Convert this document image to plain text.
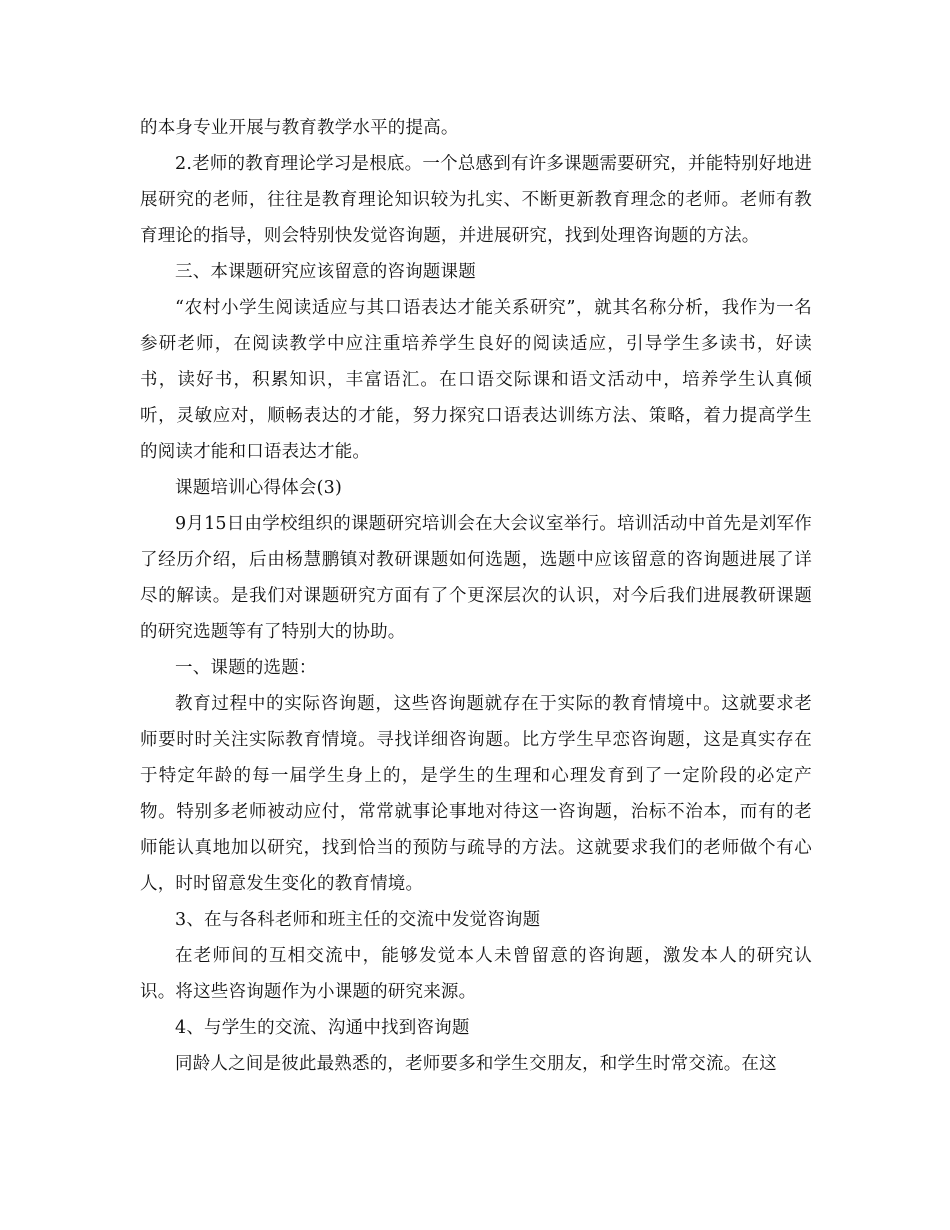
的本身专业开展与教育教学水平的提高。

2.老师的教育理论学习是根底。一个总感到有许多课题需要研究，并能特别好地进展研究的老师，往往是教育理论知识较为扎实、不断更新教育理念的老师。老师有教育理论的指导，则会特别快发觉咨询题，并进展研究，找到处理咨询题的方法。

三、本课题研究应该留意的咨询题课题

“农村小学生阅读适应与其口语表达才能关系研究”，就其名称分析，我作为一名参研老师，在阅读教学中应注重培养学生良好的阅读适应，引导学生多读书，好读书，读好书，积累知识，丰富语汇。在口语交际课和语文活动中，培养学生认真倾听，灵敏应对，顺畅表达的才能，努力探究口语表达训练方法、策略，着力提高学生的阅读才能和口语表达才能。

课题培训心得体会(3)

9月15日由学校组织的课题研究培训会在大会议室举行。培训活动中首先是刘军作了经历介绍，后由杨慧鹏镇对教研课题如何选题，选题中应该留意的咨询题进展了详尽的解读。是我们对课题研究方面有了个更深层次的认识，对今后我们进展教研课题的研究选题等有了特别大的协助。

一、课题的选题：

教育过程中的实际咨询题，这些咨询题就存在于实际的教育情境中。这就要求老师要时时关注实际教育情境。寻找详细咨询题。比方学生早恋咨询题，这是真实存在于特定年龄的每一届学生身上的，是学生的生理和心理发育到了一定阶段的必定产物。特别多老师被动应付，常常就事论事地对待这一咨询题，治标不治本，而有的老师能认真地加以研究，找到恰当的预防与疏导的方法。这就要求我们的老师做个有心人，时时留意发生变化的教育情境。

3、在与各科老师和班主任的交流中发觉咨询题

在老师间的互相交流中，能够发觉本人未曾留意的咨询题，激发本人的研究认识。将这些咨询题作为小课题的研究来源。

4、与学生的交流、沟通中找到咨询题

同龄人之间是彼此最熟悉的，老师要多和学生交朋友，和学生时常交流。在这
